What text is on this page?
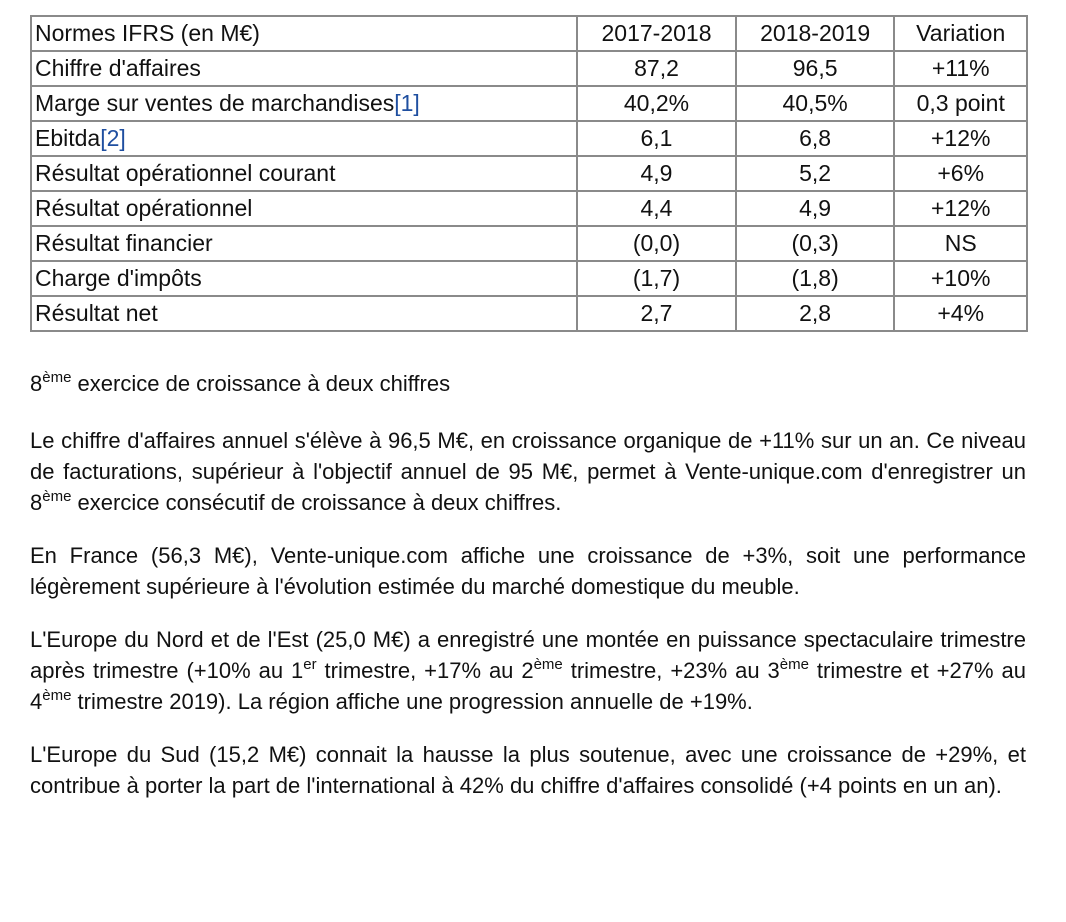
Normes IFRS (en M€)	2017-2018	2018-2019	Variation
Chiffre d'affaires	87,2	96,5	+11%
Marge sur ventes de marchandises[1]	40,2%	40,5%	0,3 point
Ebitda[2]	6,1	6,8	+12%
Résultat opérationnel courant	4,9	5,2	+6%
Résultat opérationnel	4,4	4,9	+12%
Résultat financier	(0,0)	(0,3)	NS
Charge d'impôts	(1,7)	(1,8)	+10%
Résultat net	2,7	2,8	+4%

8ème exercice de croissance à deux chiffres

Le chiffre d'affaires annuel s'élève à 96,5 M€, en croissance organique de +11% sur un an. Ce niveau de facturations, supérieur à l'objectif annuel de 95 M€, permet à Vente-unique.com d'enregistrer un 8ème exercice consécutif de croissance à deux chiffres.

En France (56,3 M€), Vente-unique.com affiche une croissance de +3%, soit une performance légèrement supérieure à l'évolution estimée du marché domestique du meuble.

L'Europe du Nord et de l'Est (25,0 M€) a enregistré une montée en puissance spectaculaire trimestre après trimestre (+10% au 1er trimestre, +17% au 2ème trimestre, +23% au 3ème trimestre et +27% au 4ème trimestre 2019). La région affiche une progression annuelle de +19%.

L'Europe du Sud (15,2 M€) connait la hausse la plus soutenue, avec une croissance de +29%, et contribue à porter la part de l'international à 42% du chiffre d'affaires consolidé (+4 points en un an).
